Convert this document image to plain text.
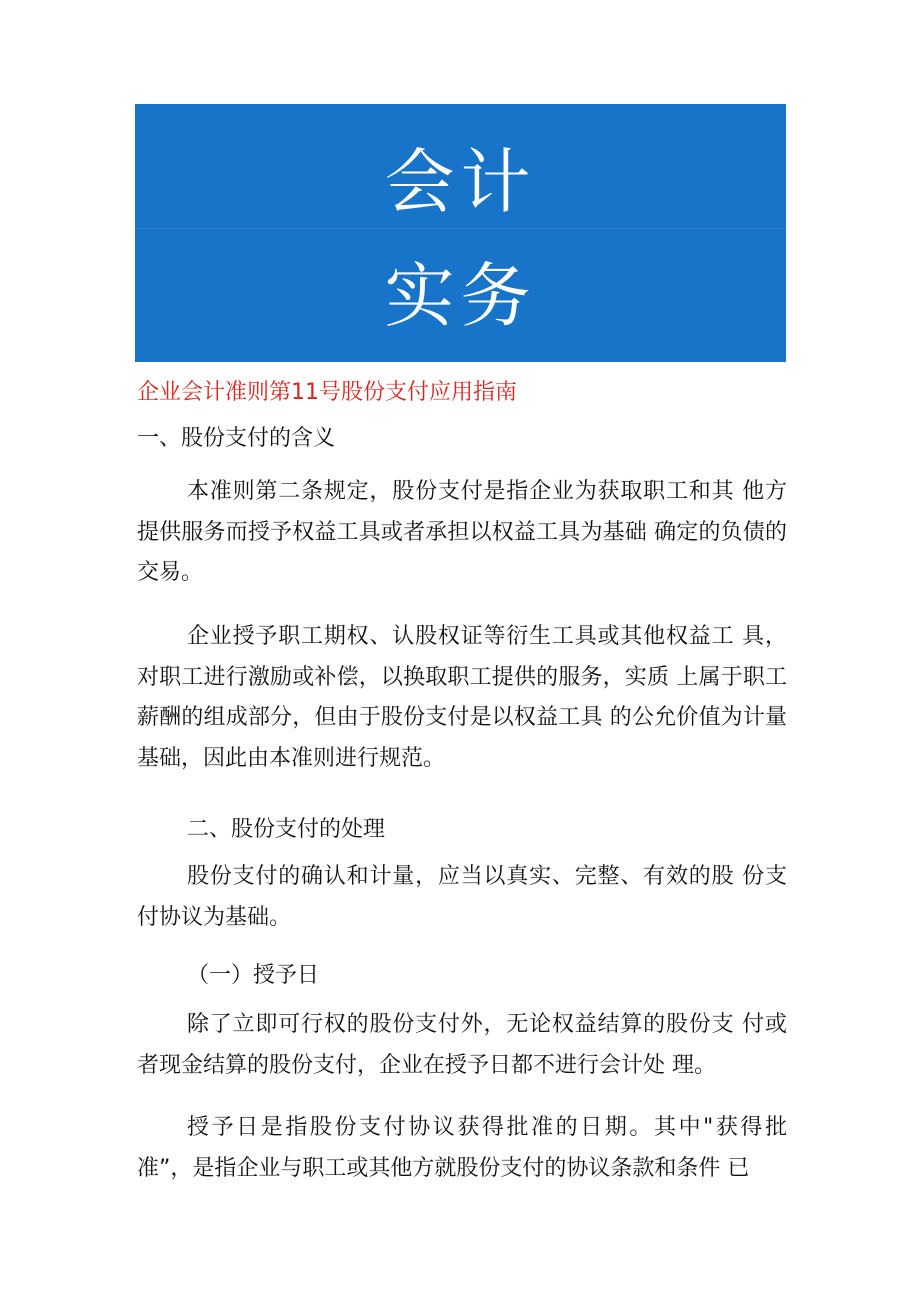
会计
实务
企业会计准则第11号股份支付应用指南
一、股份支付的含义
本准则第二条规定，股份支付是指企业为获取职工和其 他方提供服务而授予权益工具或者承担以权益工具为基础 确定的负债的交易。
企业授予职工期权、认股权证等衍生工具或其他权益工 具，对职工进行激励或补偿，以换取职工提供的服务，实质 上属于职工薪酬的组成部分，但由于股份支付是以权益工具 的公允价值为计量基础，因此由本准则进行规范。
二、股份支付的处理
股份支付的确认和计量，应当以真实、完整、有效的股 份支付协议为基础。
（一）授予日
除了立即可行权的股份支付外，无论权益结算的股份支 付或者现金结算的股份支付，企业在授予日都不进行会计处 理。
授予日是指股份支付协议获得批准的日期。其中"获得批 准”，是指企业与职工或其他方就股份支付的协议条款和条件 已
